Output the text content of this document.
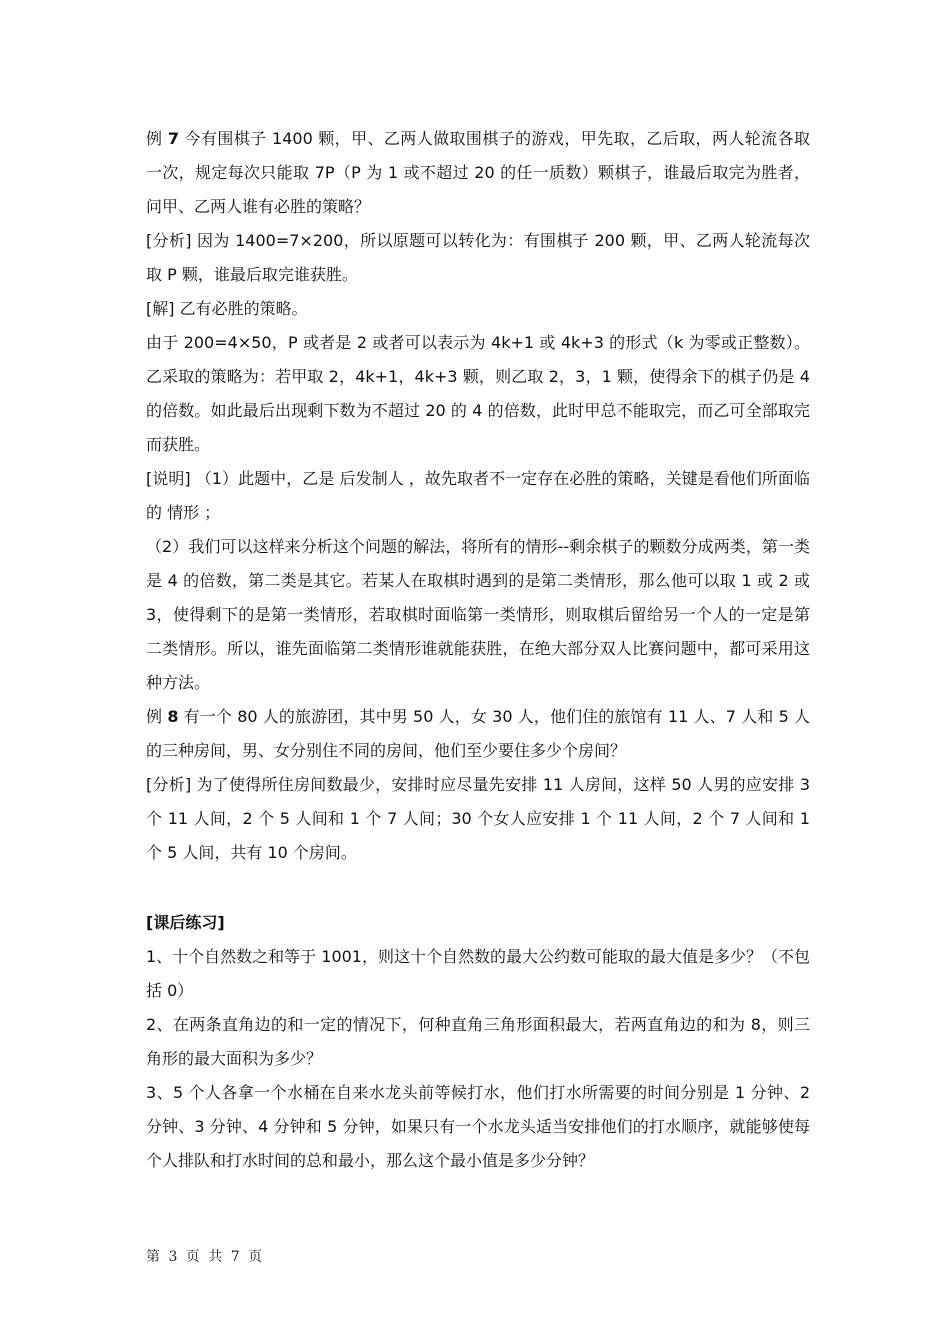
例 7 今有围棋子 1400 颗，甲、乙两人做取围棋子的游戏，甲先取，乙后取，两人轮流各取一次，规定每次只能取 7P（P 为 1 或不超过 20 的任一质数）颗棋子，谁最后取完为胜者，问甲、乙两人谁有必胜的策略？

[分析] 因为 1400=7×200，所以原题可以转化为：有围棋子 200 颗，甲、乙两人轮流每次取 P 颗，谁最后取完谁获胜。

[解] 乙有必胜的策略。

由于 200=4×50，P 或者是 2 或者可以表示为 4k+1 或 4k+3 的形式（k 为零或正整数）。乙采取的策略为：若甲取 2，4k+1，4k+3 颗，则乙取 2，3，1 颗，使得余下的棋子仍是 4 的倍数。如此最后出现剩下数为不超过 20 的 4 的倍数，此时甲总不能取完，而乙可全部取完而获胜。

[说明] （1）此题中，乙是 后发制人 ，故先取者不一定存在必胜的策略，关键是看他们所面临的 情形 ；

（2）我们可以这样来分析这个问题的解法，将所有的情形--剩余棋子的颗数分成两类，第一类是 4 的倍数，第二类是其它。若某人在取棋时遇到的是第二类情形，那么他可以取 1 或 2 或 3，使得剩下的是第一类情形，若取棋时面临第一类情形，则取棋后留给另一个人的一定是第二类情形。所以，谁先面临第二类情形谁就能获胜，在绝大部分双人比赛问题中，都可采用这种方法。

例 8 有一个 80 人的旅游团，其中男 50 人，女 30 人，他们住的旅馆有 11 人、7 人和 5 人的三种房间，男、女分别住不同的房间，他们至少要住多少个房间？

[分析] 为了使得所住房间数最少，安排时应尽量先安排 11 人房间，这样 50 人男的应安排 3 个 11 人间，2 个 5 人间和 1 个 7 人间；30 个女人应安排 1 个 11 人间，2 个 7 人间和 1 个 5 人间，共有 10 个房间。

[课后练习]

1、十个自然数之和等于 1001，则这十个自然数的最大公约数可能取的最大值是多少？（不包括 0）

2、在两条直角边的和一定的情况下，何种直角三角形面积最大，若两直角边的和为 8，则三角形的最大面积为多少？

3、5 个人各拿一个水桶在自来水龙头前等候打水，他们打水所需要的时间分别是 1 分钟、2 分钟、3 分钟、4 分钟和 5 分钟，如果只有一个水龙头适当安排他们的打水顺序，就能够使每个人排队和打水时间的总和最小，那么这个最小值是多少分钟？

第 3 页 共 7 页
